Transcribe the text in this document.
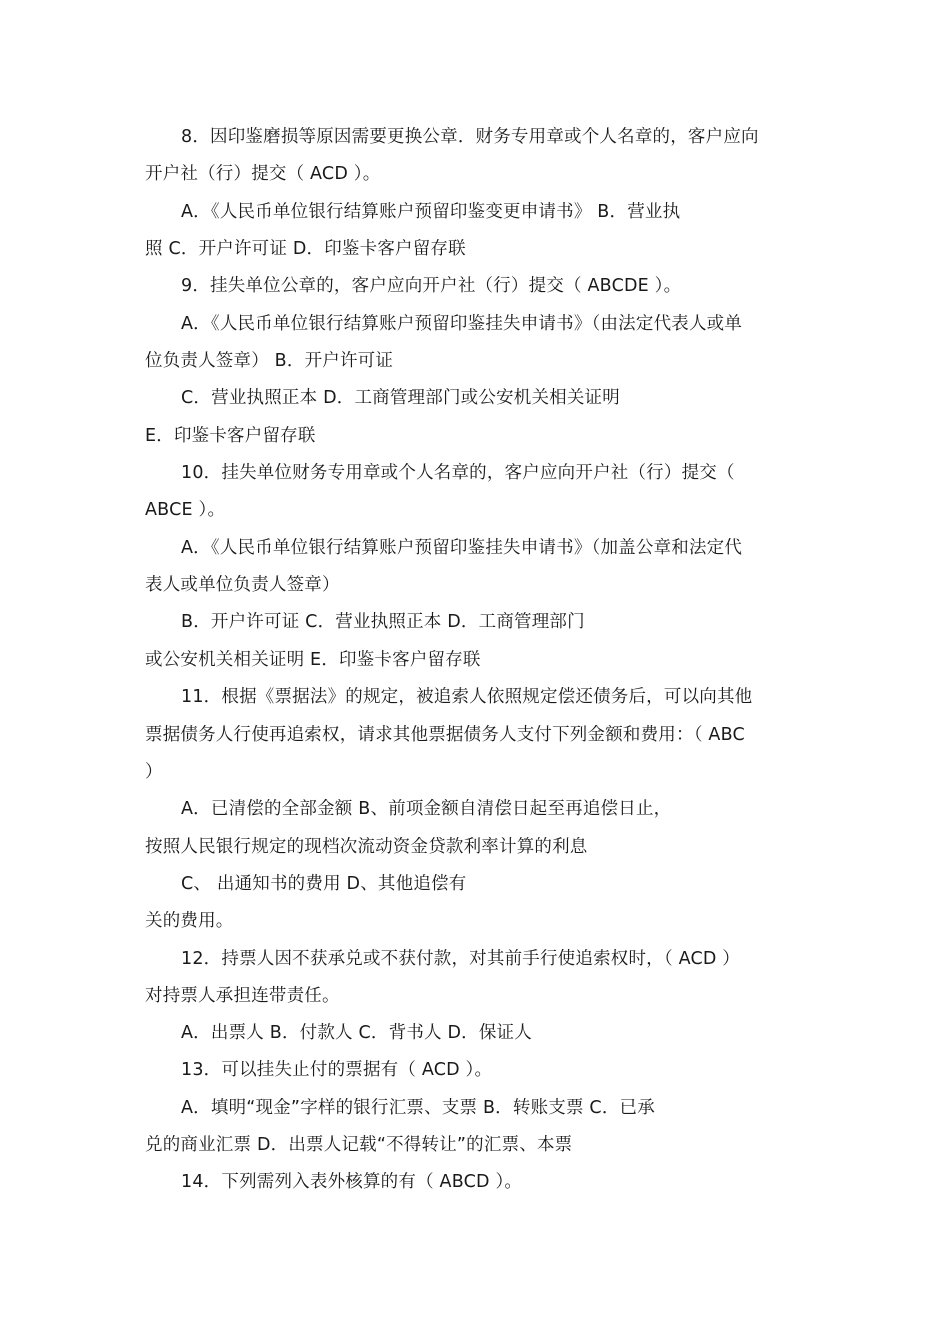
8．因印鉴磨损等原因需要更换公章．财务专用章或个人名章的，客户应向
开户社（行）提交（ ACD ）。
A．《人民币单位银行结算账户预留印鉴变更申请书》 B．营业执
照 C．开户许可证 D．印鉴卡客户留存联
9．挂失单位公章的，客户应向开户社（行）提交（ ABCDE ）。
A．《人民币单位银行结算账户预留印鉴挂失申请书》（由法定代表人或单
位负责人签章） B．开户许可证
C．营业执照正本 D．工商管理部门或公安机关相关证明
E．印鉴卡客户留存联
10．挂失单位财务专用章或个人名章的，客户应向开户社（行）提交（
ABCE ）。
A．《人民币单位银行结算账户预留印鉴挂失申请书》（加盖公章和法定代
表人或单位负责人签章）
B．开户许可证 C．营业执照正本 D．工商管理部门
或公安机关相关证明 E．印鉴卡客户留存联
11．根据《票据法》的规定，被追索人依照规定偿还债务后，可以向其他
票据债务人行使再追索权，请求其他票据债务人支付下列金额和费用：（ ABC
）
A．已清偿的全部金额 B、前项金额自清偿日起至再追偿日止，
按照人民银行规定的现档次流动资金贷款利率计算的利息
C、 出通知书的费用 D、其他追偿有
关的费用。
12．持票人因不获承兑或不获付款，对其前手行使追索权时，（ ACD ）
对持票人承担连带责任。
A．出票人 B．付款人 C．背书人 D．保证人
13．可以挂失止付的票据有（ ACD ）。
A．填明“现金”字样的银行汇票、支票 B．转账支票 C．已承
兑的商业汇票 D．出票人记载“不得转让”的汇票、本票
14．下列需列入表外核算的有（ ABCD ）。
